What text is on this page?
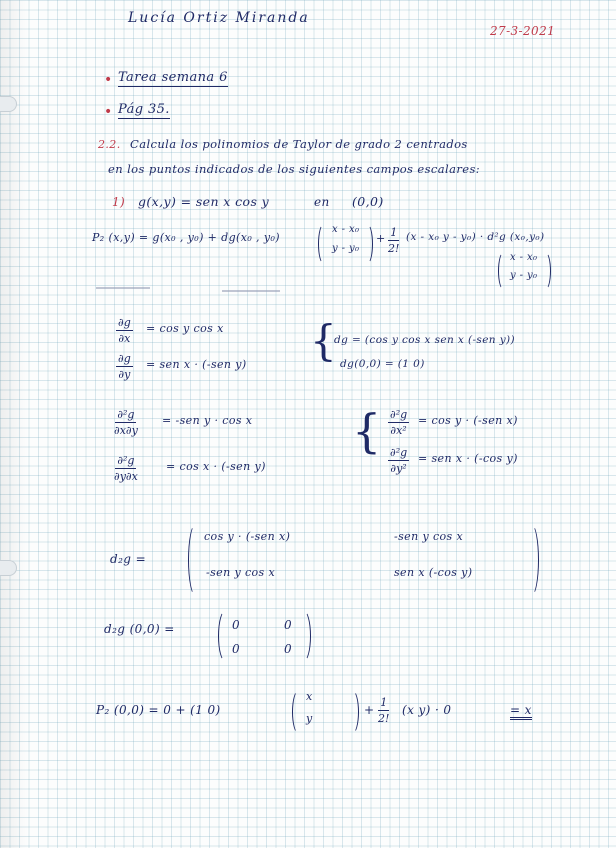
Lucía Ortiz Miranda
27-3-2021
• Tarea semana 6
• Pág 35.
2.2. Calcula los polinomios de Taylor de grado 2 centrados
en los puntos indicados de los siguientes campos escalares:
1) g(x,y) = sen x cos y	en (0,0)
P₂ (x,y) = g(x₀ , y₀) + dg(x₀ , y₀)
x - x₀
y - y₀
+ $\frac{1}{2!} (x - x_0$ y - y₀) · d²g (x₀,y₀)
x - x₀
y - y₀
$\frac{\partial g}{\partial x} = \cos y$ cos x
$\frac{\partial g}{\partial y}$ = sen x · (-sen y) {
dg = (cos y cos x sen x (-sen y))
dg(0,0) = (1 0)
$\frac{\text{∂²g}}{\partial x\partial y} = -sen$ y · cos x
$\frac{\text{∂²g}}{\partial y\partial x}$	= cos x · (-sen y)
{ $\frac{\text{∂²g}}{\text{∂x²}} = \cos y \cdot (-sen$ x)
$\frac{\text{∂²g}}{\text{∂y²}}$ = sen x · (-cos y)
d₂g =
cos y · (-sen x)	-sen y cos x
-sen y cos x	sen x (-cos y)
d₂g (0,0) =	0	0
0	0
P₂ (0,0) = 0 + (1 0)
x
y
+ $\frac{1}{2!} (x$ y) · 0	= x
